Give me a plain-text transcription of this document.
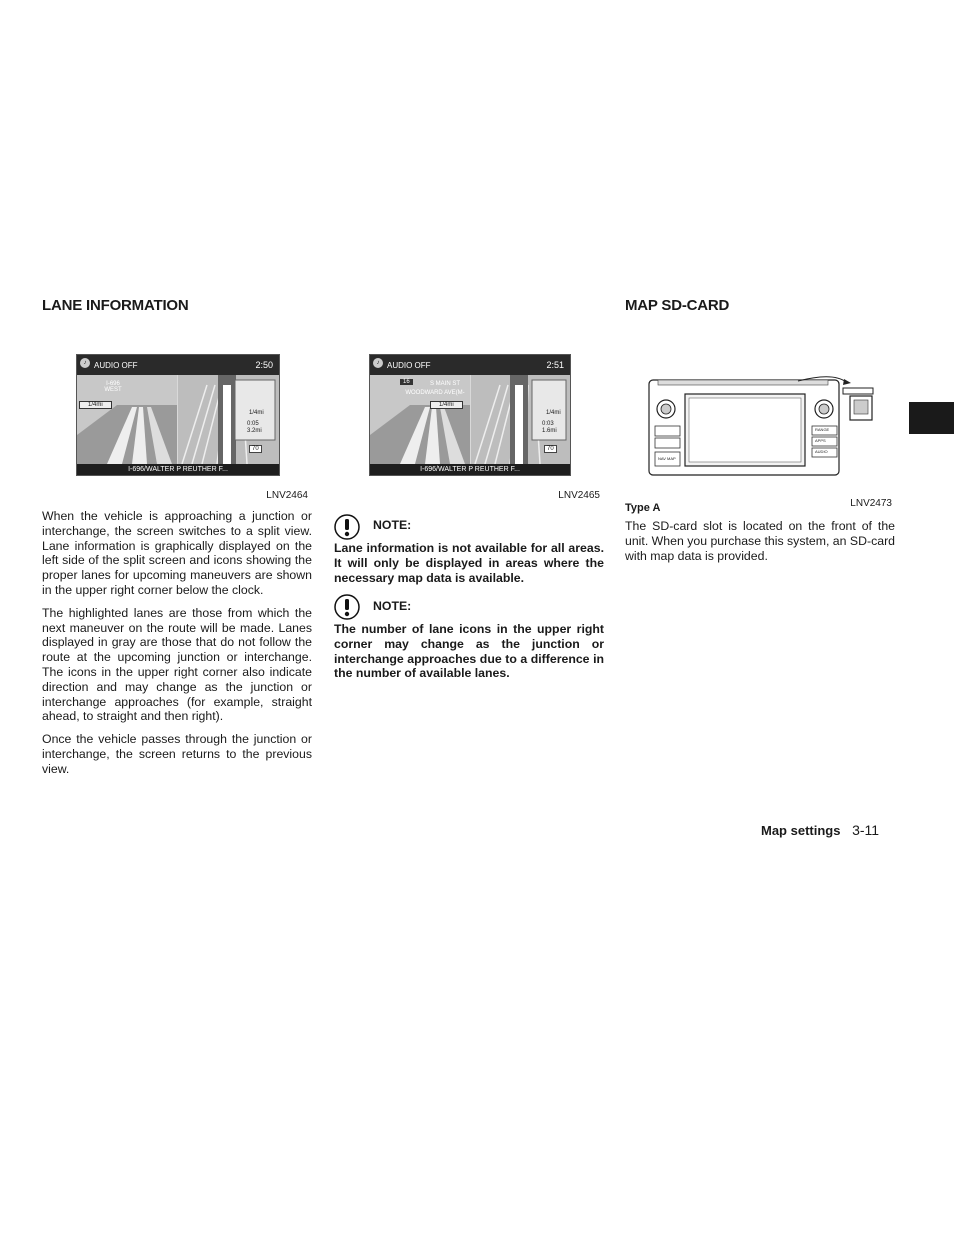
LANE INFORMATION
♪ AUDIO OFF	2:50
I-696
WEST
1/4mi
1/4mi
0:05
3.2mi
70
I-696/WALTER P REUTHER F...
LNV2464

When the vehicle is approaching a junction or interchange, the screen switches to a split view. Lane information is graphically displayed on the left side of the split screen and icons showing the proper lanes for upcoming maneuvers are shown in the upper right corner below the clock.

The highlighted lanes are those from which the next maneuver on the route will be made. Lanes displayed in gray are those that do not follow the route at the upcoming junction or interchange. The icons in the upper right corner also indicate direction and may change as the junction or interchange approaches (for example, straight ahead, to straight and then right).

Once the vehicle passes through the junction or interchange, the screen returns to the previous view.

♪ AUDIO OFF	2:51
16	S MAIN ST
WOODWARD AVE(M-
1/4mi
1/4mi
0:03
1.6mi
70
I-696/WALTER P REUTHER F...
LNV2465
NOTE:

Lane information is not available for all areas. It will only be displayed in areas where the necessary map data is available.

NOTE:

The number of lane icons in the upper right corner may change as the junction or interchange approaches due to a difference in the number of available lanes.

MAP SD-CARD
RANGE
APPS
AUDIO
NAV MAP
LNV2473
Type A

The SD-card slot is located on the front of the unit. When you purchase this system, an SD-card with map data is provided.

Map settings 3-11
